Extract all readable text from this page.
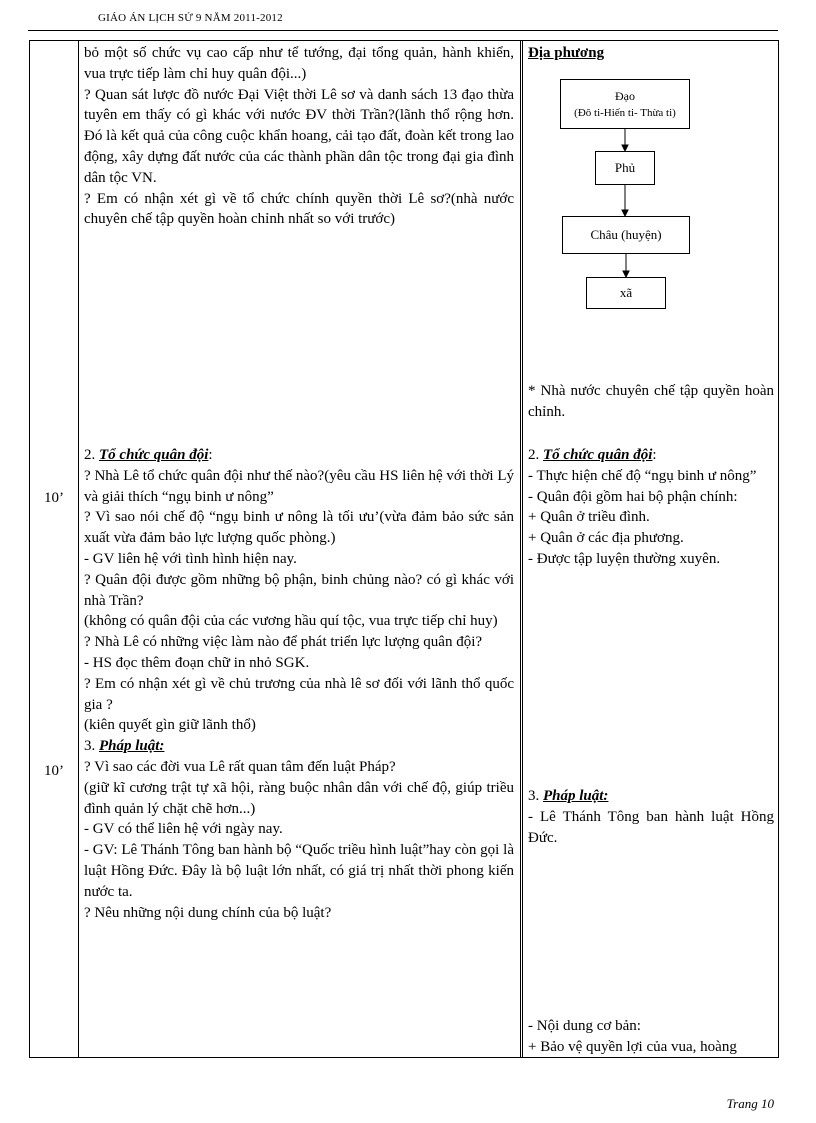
GIÁO ÁN LỊCH SỬ 9 NĂM 2011-2012
10’
10’

bỏ một số chức vụ cao cấp như tể tướng, đại tổng quản, hành khiển, vua trực tiếp làm chỉ huy quân đội...)

? Quan sát lược đồ nước Đại Việt thời Lê sơ và danh sách 13 đạo thừa tuyên em thấy có gì khác với nước ĐV thời Trần?(lãnh thổ rộng hơn. Đó là kết quả của công cuộc khẩn hoang, cải tạo đất, đoàn kết trong lao động, xây dựng đất nước của các thành phần dân tộc trong đại gia đình dân tộc VN.

? Em có nhận xét gì về tổ chức chính quyền thời Lê sơ?(nhà nước chuyên chế tập quyền hoàn chỉnh nhất so với trước)

2. Tổ chức quân đội:

? Nhà Lê tổ chức quân đội như thế nào?(yêu cầu HS liên hệ với thời Lý và giải thích “ngụ binh ư nông”

? Vì sao nói chế độ “ngụ binh ư nông là tối ưu’(vừa đảm bảo sức sản xuất vừa đảm bảo lực lượng quốc phòng.)

- GV liên hệ với tình hình hiện nay.

? Quân đội được gồm những bộ phận, binh chủng nào? có gì khác với nhà Trần?

(không có quân đội của các vương hầu quí tộc, vua trực tiếp chỉ huy)

? Nhà Lê có những việc làm nào để phát triển lực lượng quân đội?

- HS đọc thêm đoạn chữ in nhỏ SGK.

? Em có nhận xét gì về chủ trương của nhà lê sơ đối với lãnh thổ quốc gia ?

(kiên quyết gìn giữ lãnh thổ)

3. Pháp luật:

? Vì sao các đời vua Lê rất quan tâm đến luật Pháp?

(giữ kĩ cương trật tự xã hội, ràng buộc nhân dân với chế độ, giúp triều đình quản lý chặt chẽ hơn...)

- GV có thể liên hệ với ngày nay.

- GV: Lê Thánh Tông ban hành bộ “Quốc triều hình luật”hay còn gọi là luật Hồng Đức. Đây là bộ luật lớn nhất, có giá trị nhất thời phong kiến nước ta.

? Nêu những nội dung chính của bộ luật?

Địa phương

Đạo
(Đô ti-Hiến ti- Thừa ti)
Phủ
Châu (huyện)
xã

* Nhà nước chuyên chế tập quyền hoàn chỉnh.

2. Tổ chức quân đội:

- Thực hiện chế độ “ngụ binh ư nông”

- Quân đội gồm hai bộ phận chính:

+ Quân ở triều đình.

+ Quân ở các địa phương.

- Được tập luyện thường xuyên.

3. Pháp luật:

- Lê Thánh Tông ban hành luật Hồng Đức.

- Nội dung cơ bản:

+ Bảo vệ quyền lợi của vua, hoàng

Trang 10
